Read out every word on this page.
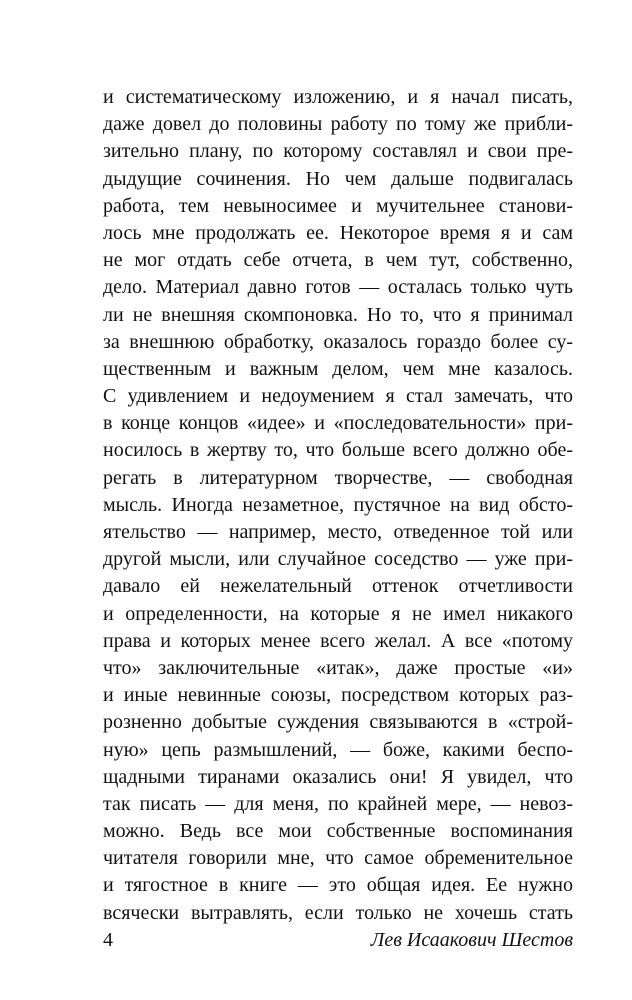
и систематическому изложению, и я начал писать,
даже довел до половины работу по тому же прибли-
зительно плану, по которому составлял и свои пре-
дыдущие сочинения. Но чем дальше подвигалась
работа, тем невыносимее и мучительнее станови-
лось мне продолжать ее. Некоторое время я и сам
не мог отдать себе отчета, в чем тут, собственно,
дело. Материал давно готов — осталась только чуть
ли не внешняя скомпоновка. Но то, что я принимал
за внешнюю обработку, оказалось гораздо более су-
щественным и важным делом, чем мне казалось.
С удивлением и недоумением я стал замечать, что
в конце концов «идее» и «последовательности» при-
носилось в жертву то, что больше всего должно обе-
регать в литературном творчестве, — свободная
мысль. Иногда незаметное, пустячное на вид обсто-
ятельство — например, место, отведенное той или
другой мысли, или случайное соседство — уже при-
давало ей нежелательный оттенок отчетливости
и определенности, на которые я не имел никакого
права и которых менее всего желал. А все «потому
что» заключительные «итак», даже простые «и»
и иные невинные союзы, посредством которых раз-
розненно добытые суждения связываются в «строй-
ную» цепь размышлений, — боже, какими беспо-
щадными тиранами оказались они! Я увидел, что
так писать — для меня, по крайней мере, — невоз-
можно. Ведь все мои собственные воспоминания
читателя говорили мне, что самое обременительное
и тягостное в книге — это общая идея. Ее нужно
всячески вытравлять, если только не хочешь стать
4	Лев Исаакович Шестов
